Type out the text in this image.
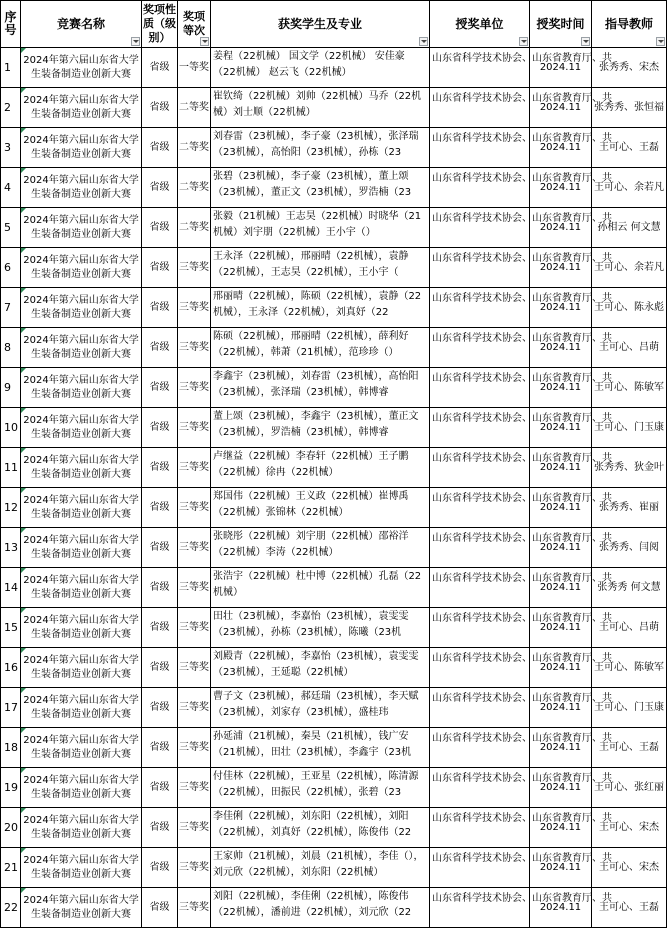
序号	竞赛名称	奖项性质（级别）	奖项等次	获奖学生及专业	授奖单位	授奖时间	指导教师

1	2024年第六届山东省大学生装备制造业创新大赛	省级	一等奖	姜程（22机械） 国文学（22机械） 安佳豪（22机械） 赵云飞（22机械）	山东省科学技术协会、山东省教育厅、共	2024.11	张秀秀、宋杰
2	2024年第六届山东省大学生装备制造业创新大赛	省级	二等奖	崔钦绮（22机械）刘帅（22机械）马乔（22机械）刘士顺（22机械）	山东省科学技术协会、山东省教育厅、共	2024.11	张秀秀、张恒福
3	2024年第六届山东省大学生装备制造业创新大赛	省级	二等奖	刘春雷（23机械），李子豪（23机械），张泽瑞（23机械），高怡阳（23机械），孙栋（23	山东省科学技术协会、山东省教育厅、共	2024.11	王可心、王磊
4	2024年第六届山东省大学生装备制造业创新大赛	省级	二等奖	张碧（23机械），李子豪（23机械），董上颂（23机械），董正文（23机械），罗浩楠（23	山东省科学技术协会、山东省教育厅、共	2024.11	王可心、余若凡
5	2024年第六届山东省大学生装备制造业创新大赛	省级	二等奖	张毅（21机械）王志昊（22机械）时晓华（21机械）刘宇朋（22机械）王小宇（）	山东省科学技术协会、山东省教育厅、共	2024.11	孙相云 何文慧
6	2024年第六届山东省大学生装备制造业创新大赛	省级	三等奖	王永泽（22机械），邢丽晴（22机械），袁静（22机械），王志昊（22机械），王小宇（	山东省科学技术协会、山东省教育厅、共	2024.11	王可心、余若凡
7	2024年第六届山东省大学生装备制造业创新大赛	省级	三等奖	邢丽晴（22机械），陈硕（22机械），袁静（22机械），王永泽（22机械），刘真妤（22	山东省科学技术协会、山东省教育厅、共	2024.11	王可心、陈永彪
8	2024年第六届山东省大学生装备制造业创新大赛	省级	三等奖	陈硕（22机械），邢丽晴（22机械），薛利好（22机械），韩萧（21机械），范珍珍（）	山东省科学技术协会、山东省教育厅、共	2024.11	王可心、吕萌
9	2024年第六届山东省大学生装备制造业创新大赛	省级	三等奖	李鑫宇（23机械），刘春雷（23机械），高怡阳（23机械），张泽瑞（23机械），韩博睿	山东省科学技术协会、山东省教育厅、共	2024.11	王可心、陈敏军
10	2024年第六届山东省大学生装备制造业创新大赛	省级	三等奖	董上颂（23机械），李鑫宇（23机械），董正文（23机械），罗浩楠（23机械），韩博睿	山东省科学技术协会、山东省教育厅、共	2024.11	王可心、门玉康
11	2024年第六届山东省大学生装备制造业创新大赛	省级	三等奖	卢继益（22机械）李春轩（22机械）王子鹏（22机械）徐冉（22机械）	山东省科学技术协会、山东省教育厅、共	2024.11	张秀秀、狄金叶
12	2024年第六届山东省大学生装备制造业创新大赛	省级	三等奖	郑国伟（22机械）王义政（22机械）崔博禹（22机械）张锦林（22机械）	山东省科学技术协会、山东省教育厅、共	2024.11	张秀秀、崔丽
13	2024年第六届山东省大学生装备制造业创新大赛	省级	三等奖	张晓彤（22机械）刘宇朋（22机械）邵裕洋（22机械）李涛（22机械）	山东省科学技术协会、山东省教育厅、共	2024.11	张秀秀、闫阅
14	2024年第六届山东省大学生装备制造业创新大赛	省级	三等奖	张浩宇（22机械）杜中博（22机械）孔磊（22机械）	山东省科学技术协会、山东省教育厅、共	2024.11	张秀秀 何文慧
15	2024年第六届山东省大学生装备制造业创新大赛	省级	三等奖	田壮（23机械），李嘉怡（23机械），袁雯雯（23机械），孙栋（23机械），陈曦（23机	山东省科学技术协会、山东省教育厅、共	2024.11	王可心、吕萌
16	2024年第六届山东省大学生装备制造业创新大赛	省级	三等奖	刘殿青（22机械），李嘉怡（23机械），袁雯雯（23机械），王延聪（22机械）	山东省科学技术协会、山东省教育厅、共	2024.11	王可心、陈敏军
17	2024年第六届山东省大学生装备制造业创新大赛	省级	三等奖	曹子文（23机械），郝廷瑞（23机械），李天赋（23机械），刘家存（23机械），盛桂玮	山东省科学技术协会、山东省教育厅、共	2024.11	王可心、门玉康
18	2024年第六届山东省大学生装备制造业创新大赛	省级	三等奖	孙延浦（21机械），秦昊（21机械），钱广安（21机械），田壮（23机械），李鑫宇（23机	山东省科学技术协会、山东省教育厅、共	2024.11	王可心、王磊
19	2024年第六届山东省大学生装备制造业创新大赛	省级	三等奖	付佳林（22机械），王亚星（22机械），陈清源（22机械），田振民（22机械），张碧（23	山东省科学技术协会、山东省教育厅、共	2024.11	王可心、张红丽
20	2024年第六届山东省大学生装备制造业创新大赛	省级	三等奖	李佳俐（22机械），刘东阳（22机械），刘阳（22机械），刘真妤（22机械），陈俊伟（22	山东省科学技术协会、山东省教育厅、共	2024.11	王可心、宋杰
21	2024年第六届山东省大学生装备制造业创新大赛	省级	三等奖	王家帅（21机械），刘晨（21机械），李佳（），刘元欣（22机械），刘东阳（22机械）	山东省科学技术协会、山东省教育厅、共	2024.11	王可心、宋杰
22	2024年第六届山东省大学生装备制造业创新大赛	省级	三等奖	刘阳（22机械），李佳俐（22机械），陈俊伟（22机械），潘前进（22机械），刘元欣（22	山东省科学技术协会、山东省教育厅、共	2024.11	王可心、王磊
